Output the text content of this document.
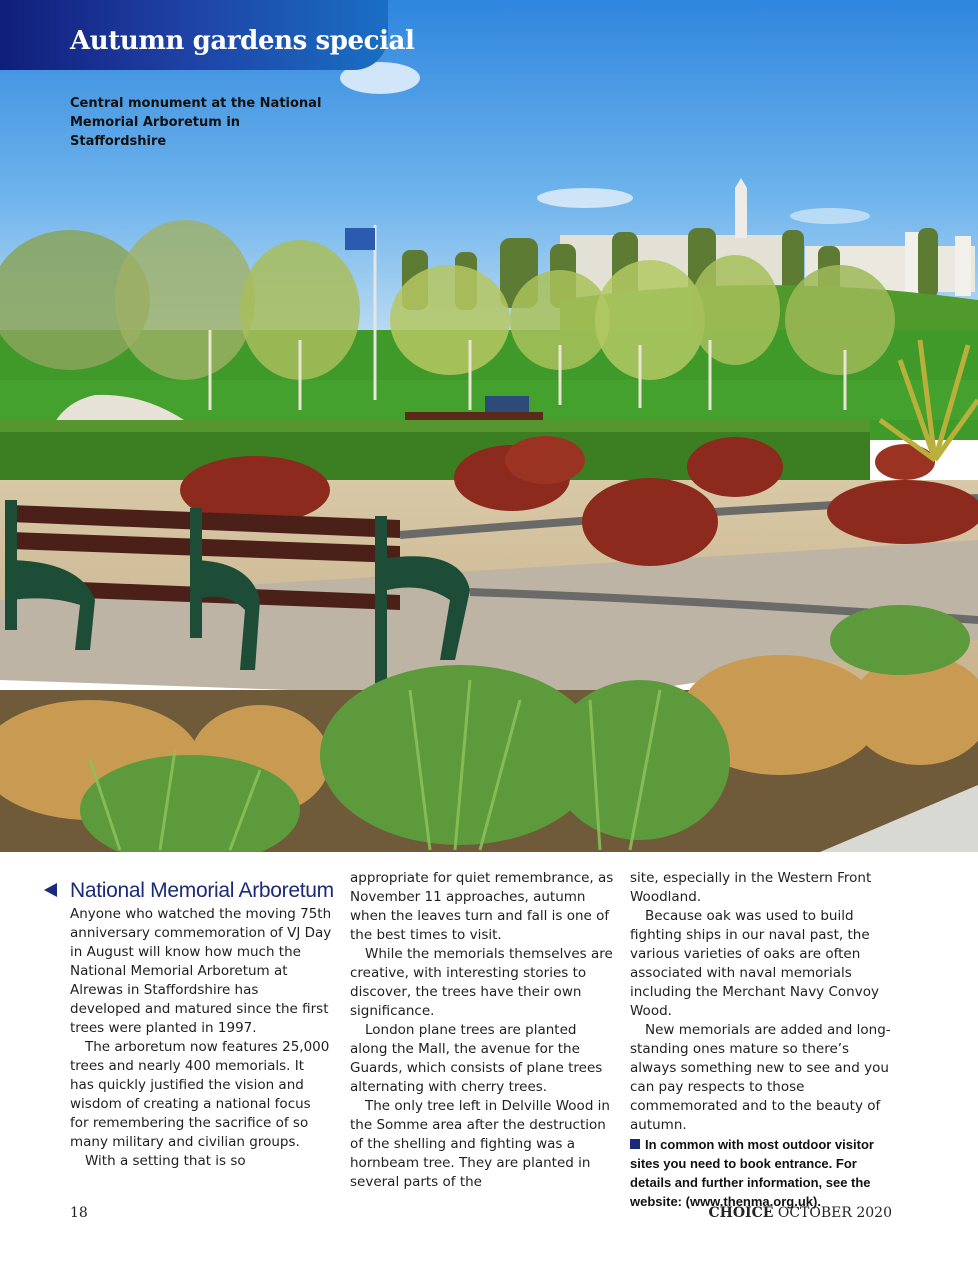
Autumn gardens special
Central monument at the National
Memorial Arboretum in Staffordshire
National Memorial Arboretum

Anyone who watched the moving 75th anniversary commemoration of VJ Day in August will know how much the National Memorial Arboretum at Alrewas in Staffordshire has developed and matured since the first trees were planted in 1997.

The arboretum now features 25,000 trees and nearly 400 memorials. It has quickly justified the vision and wisdom of creating a national focus for remembering the sacrifice of so many military and civilian groups.

With a setting that is so

appropriate for quiet remembrance, as November 11 approaches, autumn when the leaves turn and fall is one of the best times to visit.

While the memorials themselves are creative, with interesting stories to discover, the trees have their own significance.

London plane trees are planted along the Mall, the avenue for the Guards, which consists of plane trees alternating with cherry trees.

The only tree left in Delville Wood in the Somme area after the destruction of the shelling and fighting was a hornbeam tree. They are planted in several parts of the

site, especially in the Western Front Woodland.

Because oak was used to build fighting ships in our naval past, the various varieties of oaks are often associated with naval memorials including the Merchant Navy Convoy Wood.

New memorials are added and long-standing ones mature so there’s always something new to see and you can pay respects to those commemorated and to the beauty of autumn.

In common with most outdoor visitor sites you need to book entrance. For details and further information, see the website: (www.thenma.org.uk).

18	CHOICE OCTOBER 2020
